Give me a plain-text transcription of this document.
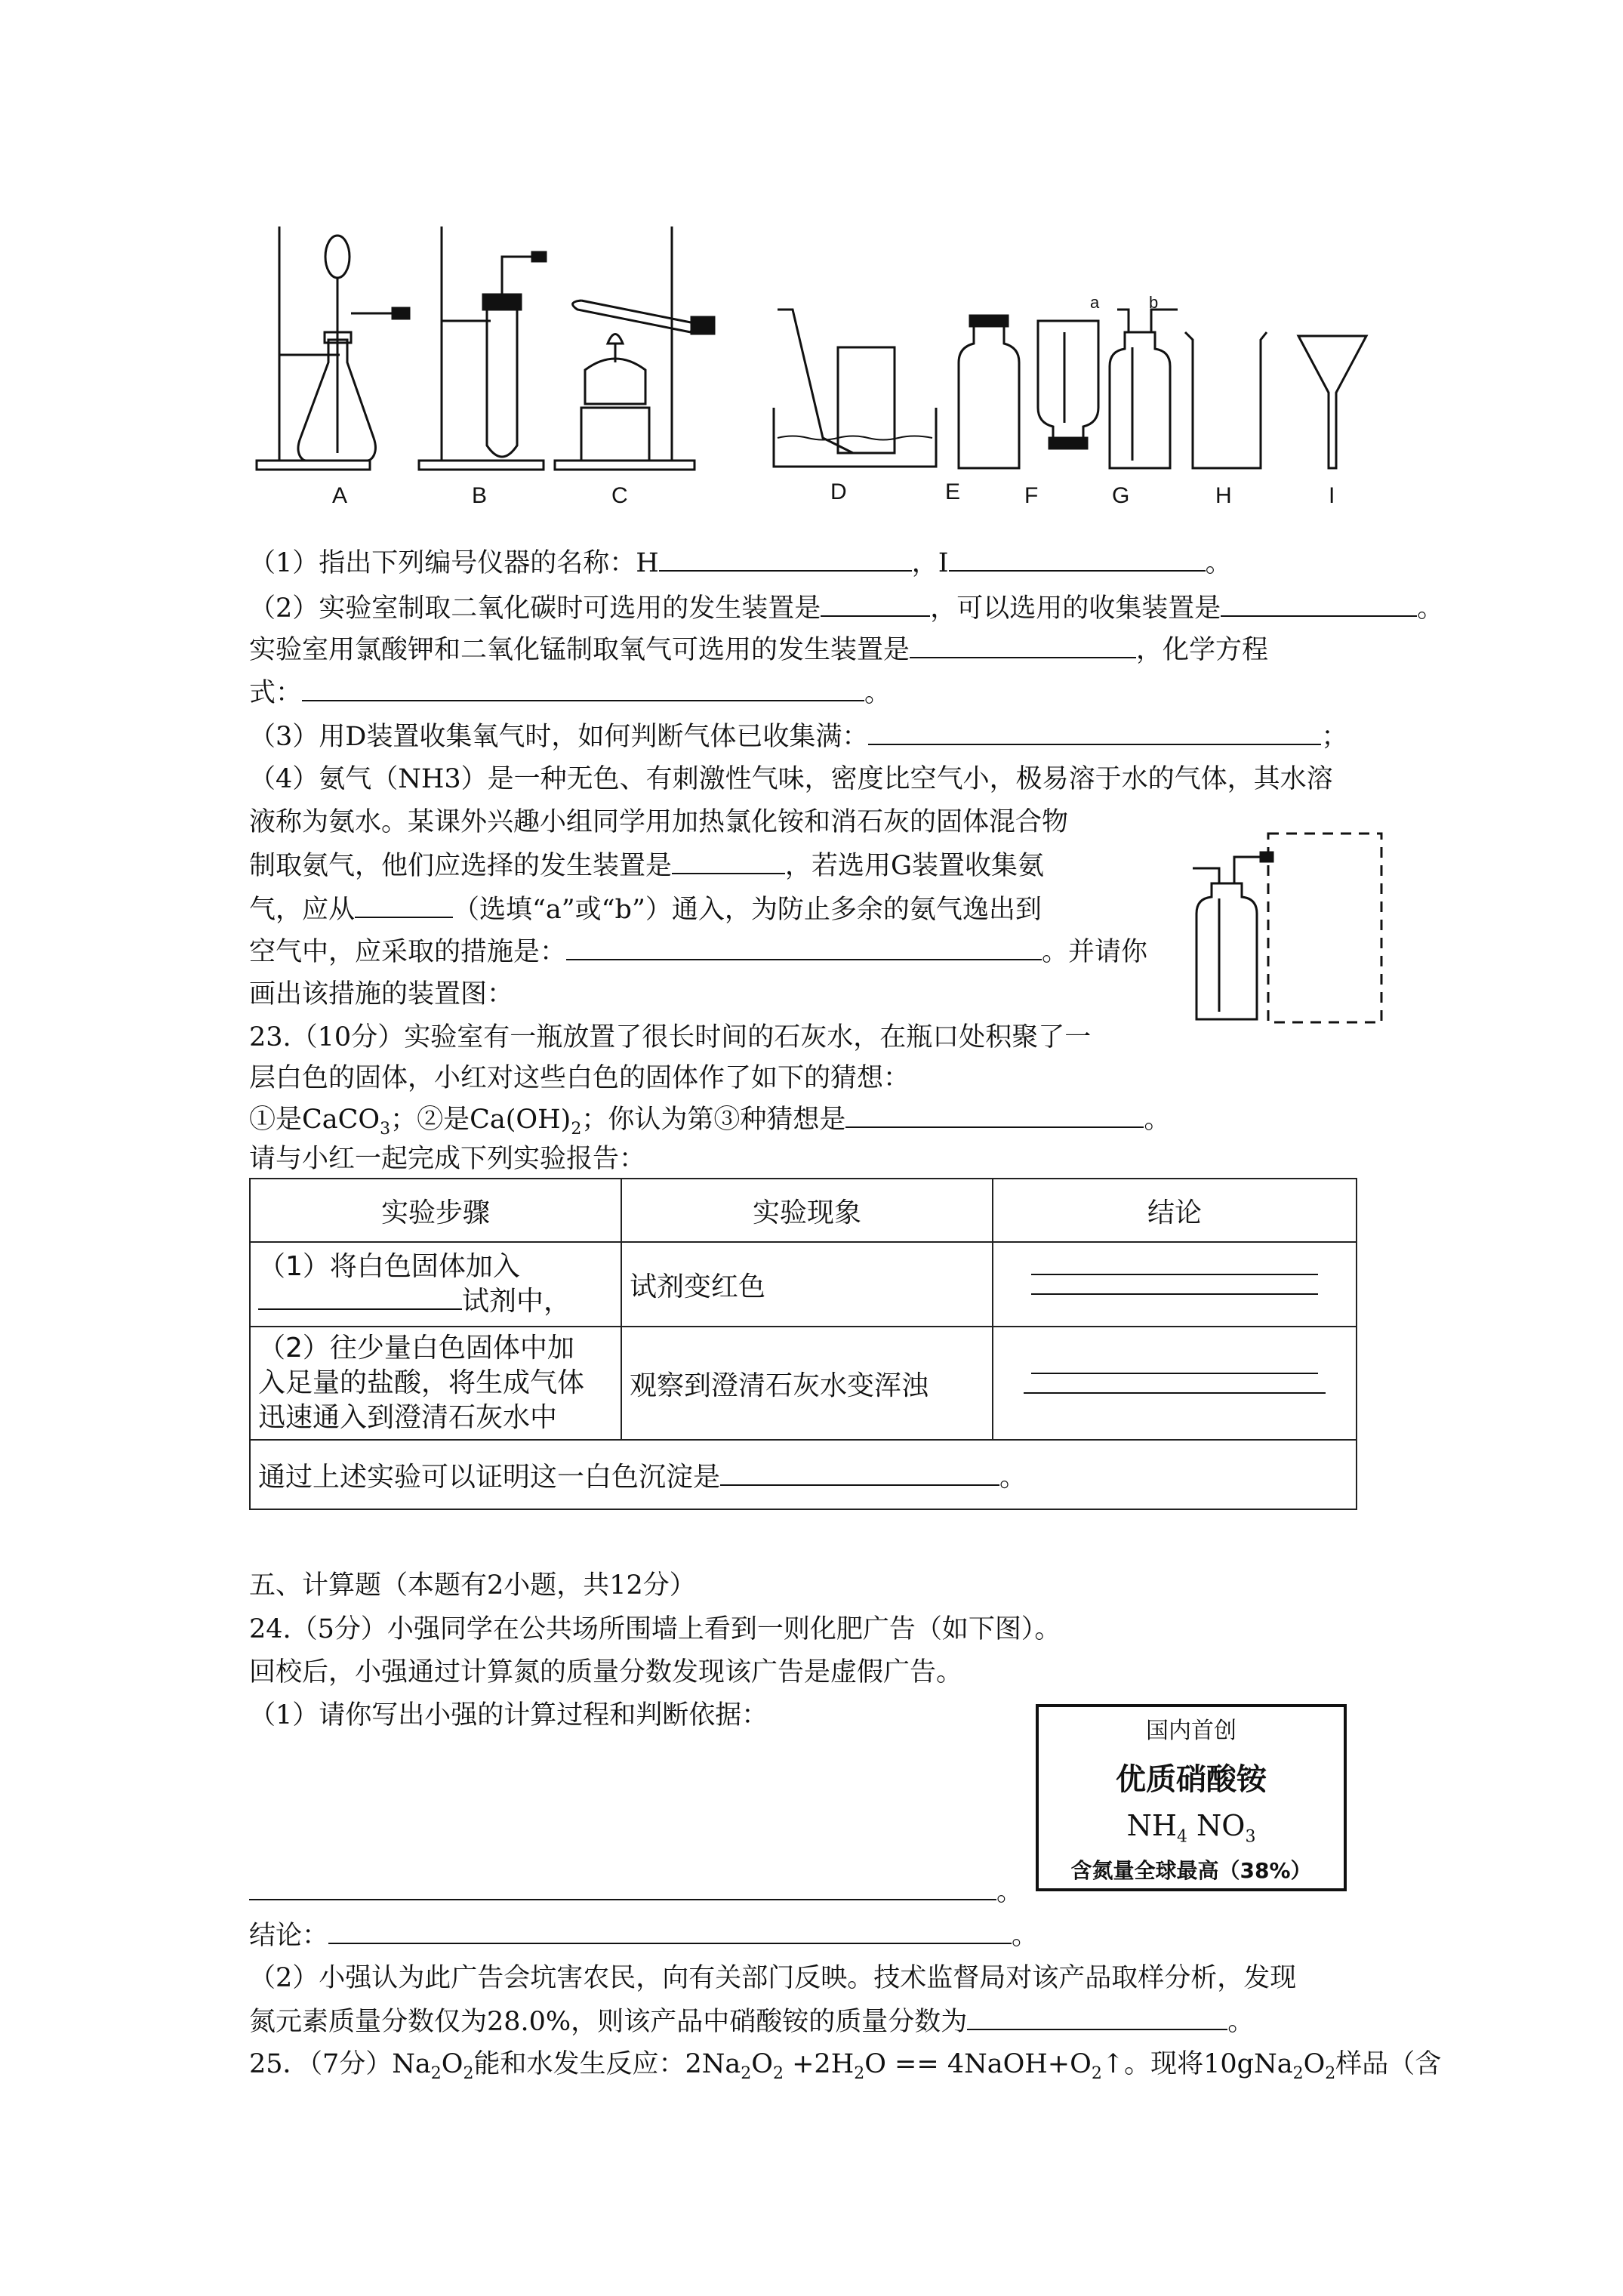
A	B	C	D	E	F	G	H	I
a	b
（1）指出下列编号仪器的名称：H	，I	。
（2）实验室制取二氧化碳时可选用的发生装置是	，可以选用的收集装置是	。
实验室用氯酸钾和二氧化锰制取氧气可选用的发生装置是	，化学方程
式：	。
（3）用D装置收集氧气时，如何判断气体已收集满：	；
（4）氨气（NH3）是一种无色、有刺激性气味，密度比空气小，极易溶于水的气体，其水溶
液称为氨水。某课外兴趣小组同学用加热氯化铵和消石灰的固体混合物
制取氨气，他们应选择的发生装置是	，若选用G装置收集氨
气，应从	（选填“a”或“b”）通入，为防止多余的氨气逸出到
空气中，应采取的措施是：	。并请你
画出该措施的装置图：
23.（10分）实验室有一瓶放置了很长时间的石灰水，在瓶口处积聚了一
层白色的固体，小红对这些白色的固体作了如下的猜想：
①是CaCO$_3$；②是$Ca(OH)_2$；你认为第③种猜想是	。
请与小红一起完成下列实验报告：
实验步骤	实验现象	结论

（1）将白色固体加入
试剂中，	试剂变红色	

（2）往少量白色固体中加
入足量的盐酸，将生成气体
迅速通入到澄清石灰水中	观察到澄清石灰水变浑浊	

通过上述实验可以证明这一白色沉淀是 。		
五、计算题（本题有2小题，共12分）
24.（5分）小强同学在公共场所围墙上看到一则化肥广告（如下图）。
回校后，小强通过计算氮的质量分数发现该广告是虚假广告。
（1）请你写出小强的计算过程和判断依据：
国内首创
优质硝酸铵
$NH_4$ $NO_3$
含氮量全球最高（38%）
。
结论：	。
（2）小强认为此广告会坑害农民，向有关部门反映。技术监督局对该产品取样分析，发现
氮元素质量分数仅为28.0%，则该产品中硝酸铵的质量分数为	。
25．（7分）$Na_2O_2$能和水发生反应：$2Na_2O_2 +2H_2O$ == $4NaOH+O_2↑$。现将$10gNa_2O_2$样品（含
